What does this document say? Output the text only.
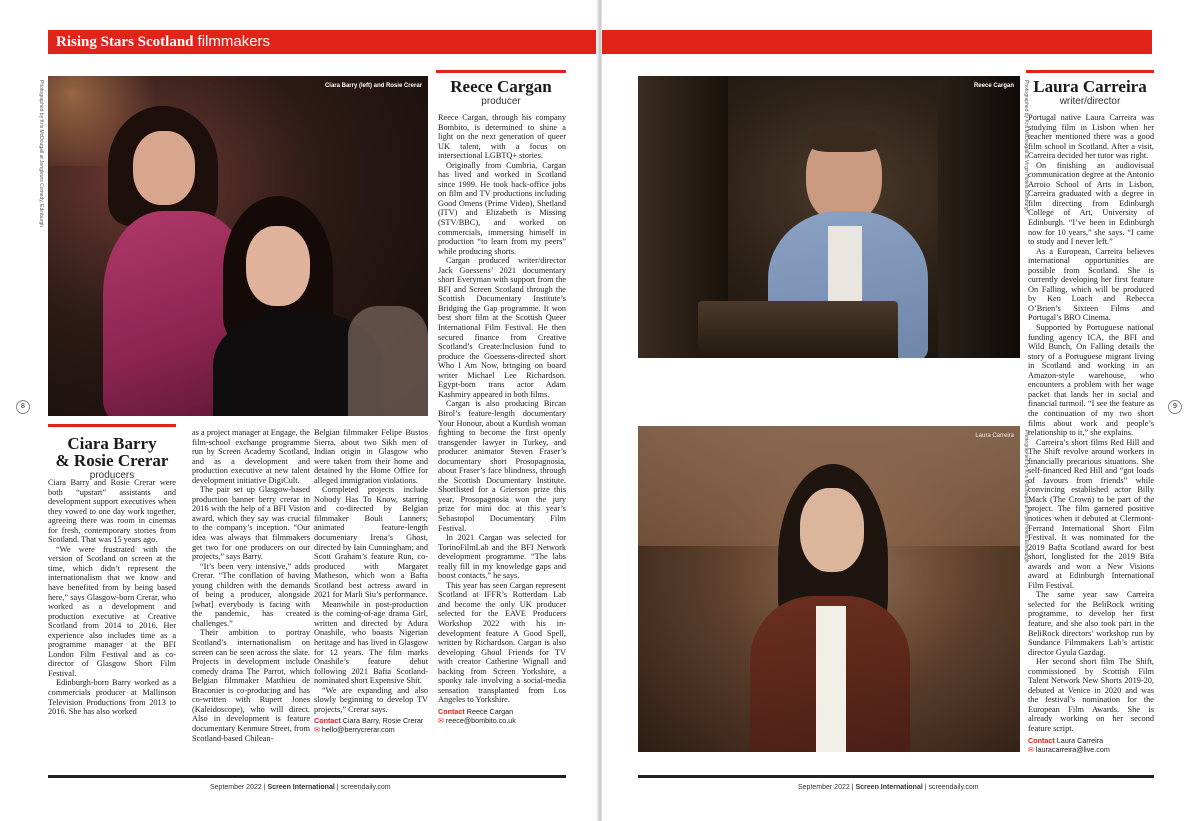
Rising Stars Scotland filmmakers
Photographed by Kris McDougall at Jongleurs Comedy, Edinburgh	Ciara Barry (left) and Rosie Crerar
8
Ciara Barry
& Rosie Crerar
producers

Ciara Barry and Rosie Crerar were both “upstart” assistants and development support executives when they vowed to one day work together, agreeing there was room in cinemas for fresh, contemporary stories from Scotland. That was 15 years ago.

“We were frustrated with the version of Scotland on screen at the time, which didn’t represent the internationalism that we know and have benefited from by being based here,” says Glasgow-born Crerar, who worked as a development and production executive at Creative Scotland from 2014 to 2016. Her experience also includes time as a programme manager at the BFI London Film Festival and as co-director of Glasgow Short Film Festival.

Edinburgh-born Barry worked as a commercials producer at Mallinson Television Productions from 2013 to 2016. She has also worked

as a project manager at Engage, the film-school exchange programme run by Screen Academy Scotland, and as a development and production executive at new talent development initiative DigiCult.

The pair set up Glasgow-based production banner berry crerar in 2016 with the help of a BFI Vision award, which they say was crucial to the company’s inception. “Our idea was always that filmmakers get two for one producers on our projects,” says Barry.

“It’s been very intensive,” adds Crerar. “The conflation of having young children with the demands of being a producer, alongside [what] everybody is facing with the pandemic, has created challenges.”

Their ambition to portray Scotland’s internationalism on screen can be seen across the slate. Projects in development include comedy drama The Parrot, which Belgian filmmaker Matthieu de Braconier is co-producing and has co-written with Rupert Jones (Kaleidoscope), who will direct. Also in development is feature documentary Kenmure Street, from Scotland-based Chilean-

Belgian filmmaker Felipe Bustos Sierra, about two Sikh men of Indian origin in Glasgow who were taken from their home and detained by the Home Office for alleged immigration violations.

Completed projects include Nobody Has To Know, starring and co-directed by Belgian filmmaker Bouli Lanners; animated feature-length documentary Irena’s Ghost, directed by Iain Cunningham; and Scott Graham’s feature Run, co-produced with Margaret Matheson, which won a Bafta Scotland best actress award in 2021 for Marli Siu’s performance.

Meanwhile in post-production is the coming-of-age drama Girl, written and directed by Adura Onashile, who boasts Nigerian heritage and has lived in Glasgow for 12 years. The film marks Onashile’s feature debut following 2021 Bafta Scotland-nominated short Expensive Shit.

“We are expanding and also slowly beginning to develop TV projects,” Crerar says.

Contact Ciara Barry, Rosie Crerar
✉ hello@berrycrerar.com
Reece Cargan
producer

Reece Cargan, through his company Bombito, is determined to shine a light on the next generation of queer UK talent, with a focus on intersectional LGBTQ+ stories.

Originally from Cumbria, Cargan has lived and worked in Scotland since 1999. He took back-office jobs on film and TV productions including Good Omens (Prime Video), Shetland (ITV) and Elizabeth is Missing (STV/BBC), and worked on commercials, immersing himself in production “to learn from my peers” while producing shorts.

Cargan produced writer/director Jack Goessens’ 2021 documentary short Everyman with support from the BFI and Screen Scotland through the Scottish Documentary Institute’s Bridging the Gap programme. It won best short film at the Scottish Queer International Film Festival. He then secured finance from Creative Scotland’s Create:Inclusion fund to produce the Goessens-directed short Who I Am Now, bringing on board writer Michael Lee Richardson. Egypt-born trans actor Adam Kashmiry appeared in both films.

Cargan is also producing Bircan Birol’s feature-length documentary Your Honour, about a Kurdish woman fighting to become the first openly transgender lawyer in Turkey, and producer animator Steven Fraser’s documentary short Prosopagnosia, about Fraser’s face blindness, through the Scottish Documentary Institute. Shortlisted for a Grierson prize this year, Prosopagnosia won the jury prize for mini doc at this year’s Sebastopol Documentary Film Festival.

In 2021 Cargan was selected for TorinoFilmLab and the BFI Network development programme. “The labs really fill in my knowledge gaps and boost contacts,” he says.

This year has seen Cargan represent Scotland at IFFR’s Rotterdam Lab and become the only UK producer selected for the EAVE Producers Workshop 2022 with his in-development feature A Good Spell, written by Richardson. Cargan is also developing Ghoul Friends for TV with creator Catherine Wignall and backing from Screen Yorkshire, a spooky tale involving a social-media sensation transplanted from Los Angeles to Yorkshire.

Contact Reece Cargan
✉ reece@bombito.co.uk
September 2022 | Screen International | screendaily.com
Reece Cargan Photographed by Kris McDougall at Virgin Hotels Edinburgh
Laura Carreira Photographed by Kris McDougall at Virgin Hotels Edinburgh
9
Laura Carreira
writer/director

Portugal native Laura Carreira was studying film in Lisbon when her teacher mentioned there was a good film school in Scotland. After a visit, Carreira decided her tutor was right.

On finishing an audiovisual communication degree at the Antonio Arroio School of Arts in Lisbon, Carreira graduated with a degree in film directing from Edinburgh College of Art, University of Edinburgh. “I’ve been in Edinburgh now for 10 years,” she says. “I came to study and I never left.”

As a European, Carreira believes international opportunities are possible from Scotland. She is currently developing her first feature On Falling, which will be produced by Ken Loach and Rebecca O’Brien’s Sixteen Films and Portugal’s BRO Cinema.

Supported by Portuguese national funding agency ICA, the BFI and Wild Bunch, On Falling details the story of a Portuguese migrant living in Scotland and working in an Amazon-style warehouse, who encounters a problem with her wage packet that lands her in social and financial turmoil. “I see the feature as the continuation of my two short films about work and people’s relationship to it,” she explains.

Carreira’s short films Red Hill and The Shift revolve around workers in financially precarious situations. She self-financed Red Hill and “got loads of favours from friends” while convincing established actor Billy Mack (The Crown) to be part of the project. The film garnered positive notices when it debuted at Clermont-Ferrand International Short Film Festival. It was nominated for the 2019 Bafta Scotland award for best short, longlisted for the 2019 Bifa awards and won a New Visions award at Edinburgh International Film Festival.

The same year saw Carreira selected for the BeliRock writing programme, to develop her first feature, and she also took part in the BeliRock directors’ workshop run by Sundance Filmmakers Lab’s artistic director Gyula Gazdag.

Her second short film The Shift, commissioned by Scottish Film Talent Network New Shorts 2019-20, debuted at Venice in 2020 and was the festival’s nomination for the European Film Awards. She is already working on her second feature script.

Contact Laura Carreira
✉ lauracarreira@live.com
September 2022 | Screen International | screendaily.com
